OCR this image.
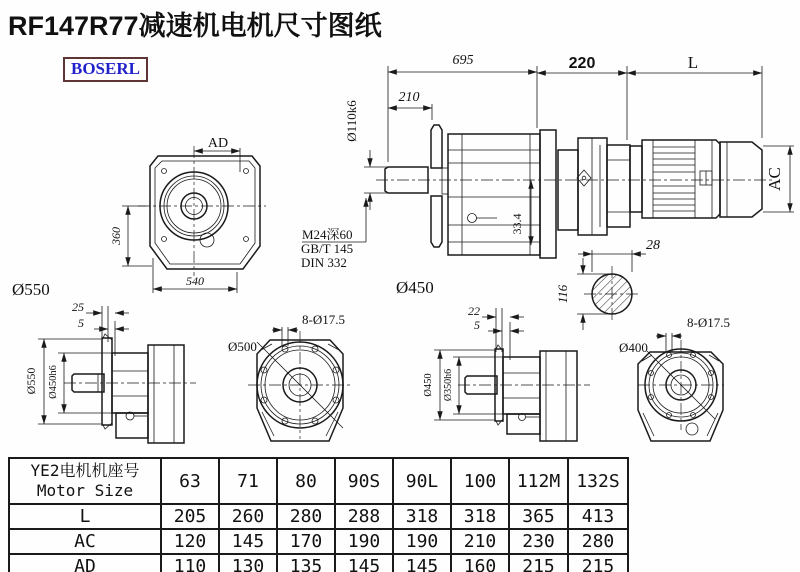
RF147R77减速机电机尺寸图纸
BOSERL
AD
360
540
Ø550
210
695	220	L
Ø110k6
M24深60
GB/T 145
DIN 332
33.4
Ø450
AC
28
116
25
5
Ø550 Ø450h6
8-Ø17.5
Ø500
22
5
Ø450 Ø350h6
8-Ø17.5
Ø400
YE2电机机座号
Motor Size	63	71	80	90S	90L	100	112M	132S
L	205	260	280	288	318	318	365	413
AC	120	145	170	190	190	210	230	280
AD	110	130	135	145	145	160	215	215
